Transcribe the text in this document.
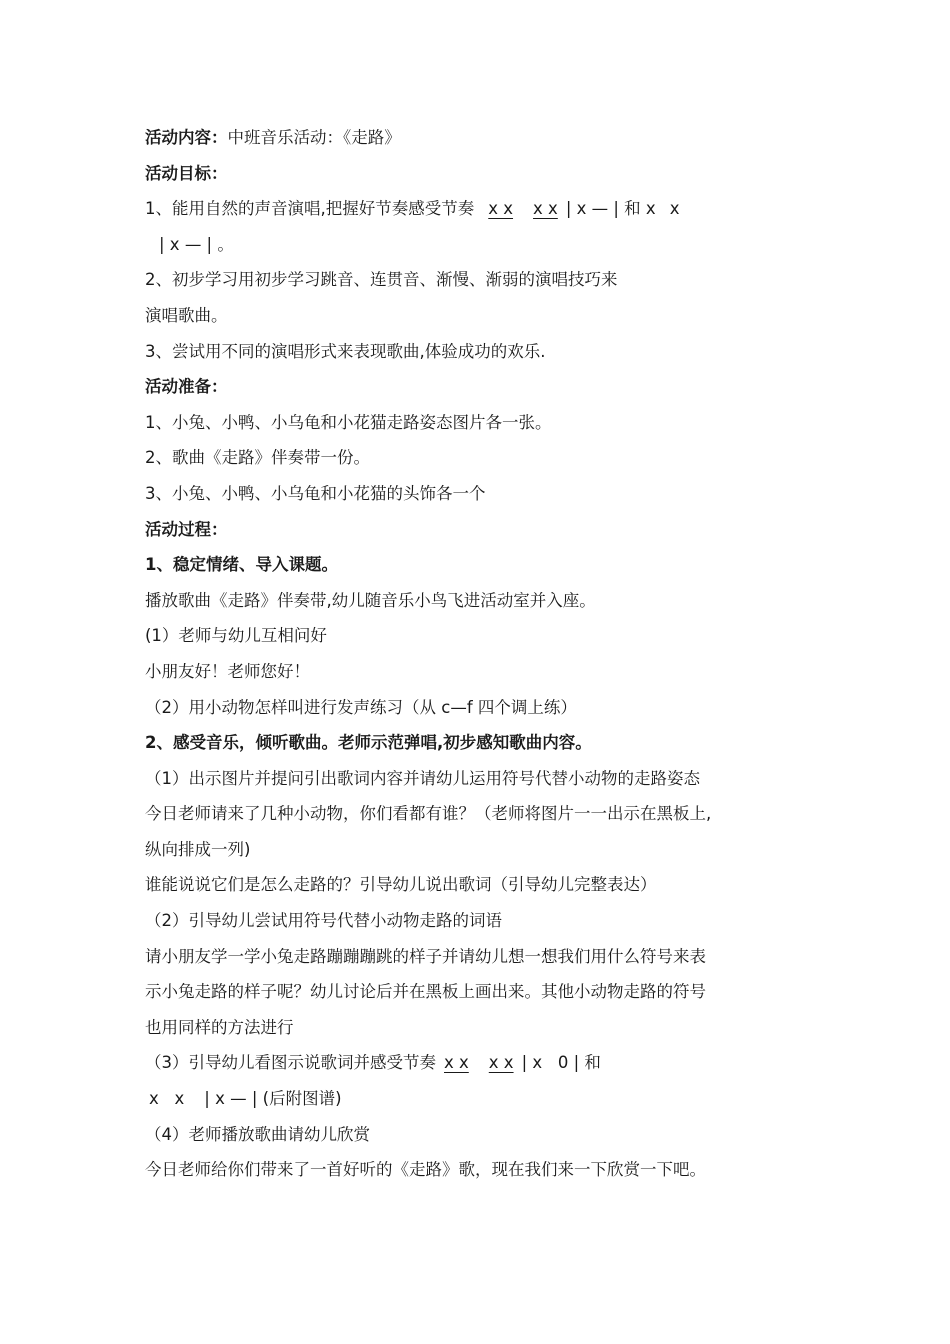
活动内容：中班音乐活动：《走路》
活动目标：
1、能用自然的声音演唱,把握好节奏感受节奏 x x x x | x — | 和 x x
| x — | 。
2、初步学习用初步学习跳音、连贯音、渐慢、渐弱的演唱技巧来
演唱歌曲。
3、尝试用不同的演唱形式来表现歌曲,体验成功的欢乐.
活动准备：
1、小兔、小鸭、小乌龟和小花猫走路姿态图片各一张。
2、歌曲《走路》伴奏带一份。
3、小兔、小鸭、小乌龟和小花猫的头饰各一个
活动过程：
1、稳定情绪、导入课题。
播放歌曲《走路》伴奏带,幼儿随音乐小鸟飞进活动室并入座。
(1）老师与幼儿互相问好
小朋友好！老师您好！
（2）用小动物怎样叫进行发声练习（从 c—f 四个调上练）
2、感受音乐，倾听歌曲。老师示范弹唱,初步感知歌曲内容。
（1）出示图片并提问引出歌词内容并请幼儿运用符号代替小动物的走路姿态
今日老师请来了几种小动物，你们看都有谁？（老师将图片一一出示在黑板上,
纵向排成一列)
谁能说说它们是怎么走路的？引导幼儿说出歌词（引导幼儿完整表达）
（2）引导幼儿尝试用符号代替小动物走路的词语
请小朋友学一学小兔走路蹦蹦蹦跳的样子并请幼儿想一想我们用什么符号来表
示小兔走路的样子呢？幼儿讨论后并在黑板上画出来。其他小动物走路的符号
也用同样的方法进行
（3）引导幼儿看图示说歌词并感受节奏 x x x x | x   0 | 和
x   x | x — | (后附图谱)
（4）老师播放歌曲请幼儿欣赏
今日老师给你们带来了一首好听的《走路》歌，现在我们来一下欣赏一下吧。
